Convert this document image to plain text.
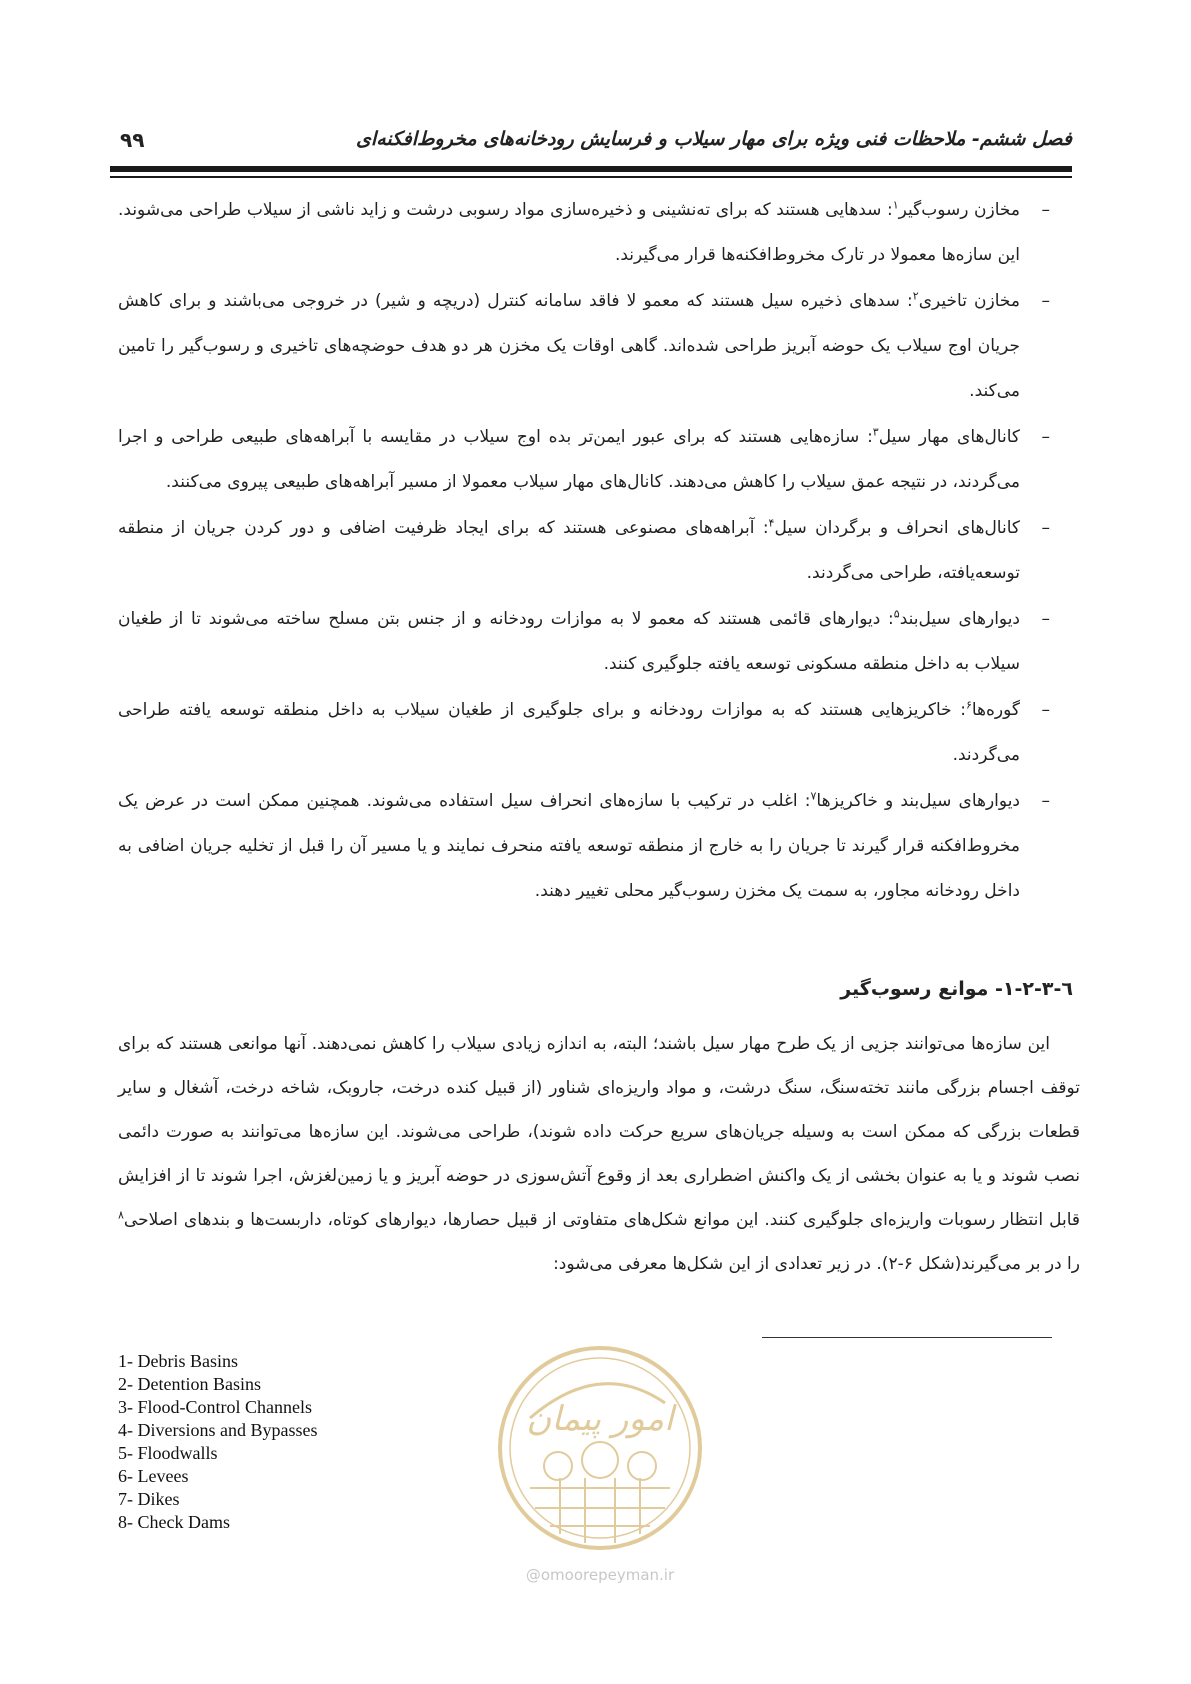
فصل ششم- ملاحظات فنی ویژه برای مهار سیلاب و فرسایش رودخانه‌های مخروط‌افکنه‌ای
۹۹
–
مخازن رسوب‌گیر$^۱$: سدهایی هستند که برای ته‌نشینی و ذخیره‌سازی مواد رسوبی درشت و زاید ناشی از سیلاب طراحی می‌شوند. این سازه‌ها معمولا در تارک مخروط‌افکنه‌ها قرار می‌گیرند.
–
مخازن تاخیری$^۲$: سدهای ذخیره سیل هستند که معمو لا فاقد سامانه کنترل (دریچه و شیر) در خروجی می‌باشند و برای کاهش جریان اوج سیلاب یک حوضه آبریز طراحی شده‌اند. گاهی اوقات یک مخزن هر دو هدف حوضچه‌های تاخیری و رسوب‌گیر را تامین می‌کند.
–
کانال‌های مهار سیل$^۳$: سازه‌هایی هستند که برای عبور ایمن‌تر بده اوج سیلاب در مقایسه با آبراهه‌های طبیعی طراحی و اجرا می‌گردند، در نتیجه عمق سیلاب را کاهش می‌دهند. کانال‌های مهار سیلاب معمولا از مسیر آبراهه‌های طبیعی پیروی می‌کنند.
–
کانال‌های انحراف و برگردان سیل$^۴$: آبراهه‌های مصنوعی هستند که برای ایجاد ظرفیت اضافی و دور کردن جریان از منطقه توسعه‌یافته، طراحی می‌گردند.
–
دیوارهای سیل‌بند$^۵$: دیوارهای قائمی هستند که معمو لا به موازات رودخانه و از جنس بتن مسلح ساخته می‌شوند تا از طغیان سیلاب به داخل منطقه مسکونی توسعه یافته جلوگیری کنند.
–
گوره‌ها$^۶$: خاکریزهایی هستند که به موازات رودخانه و برای جلوگیری از طغیان سیلاب به داخل منطقه توسعه یافته طراحی می‌گردند.
–
دیوارهای سیل‌بند و خاکریزها$^۷$: اغلب در ترکیب با سازه‌های انحراف سیل استفاده می‌شوند. همچنین ممکن است در عرض یک مخروط‌افکنه قرار گیرند تا جریان را به خارج از منطقه توسعه یافته منحرف نمایند و یا مسیر آن را قبل از تخلیه جریان اضافی به داخل رودخانه مجاور، به سمت یک مخزن رسوب‌گیر محلی تغییر دهند.
٦-٣-٢-١- موانع رسوب‌گیر
این سازه‌ها می‌توانند جزیی از یک طرح مهار سیل باشند؛ البته، به اندازه زیادی سیلاب را کاهش نمی‌دهند. آنها موانعی هستند که برای توقف اجسام بزرگی مانند تخته‌سنگ، سنگ درشت، و مواد واریزه‌ای شناور (از قبیل کنده درخت، جاروبک، شاخه درخت، آشغال و سایر قطعات بزرگی که ممکن است به وسیله جریان‌های سریع حرکت داده شوند)، طراحی می‌شوند. این سازه‌ها می‌توانند به صورت دائمی نصب شوند و یا به عنوان بخشی از یک واکنش اضطراری بعد از وقوع آتش‌سوزی در حوضه آبریز و یا زمین‌لغزش، اجرا شوند تا از افزایش قابل انتظار رسوبات واریزه‌ای جلوگیری کنند. این موانع شکل‌های متفاوتی از قبیل حصارها، دیوارهای کوتاه، داربست‌ها و بندهای اصلاحی$^۸$ را در بر می‌گیرند(شکل ۶-۲). در زیر تعدادی از این شکل‌ها معرفی می‌شود:
1- Debris Basins
2- Detention Basins
3- Flood-Control Channels
4- Diversions and Bypasses
5- Floodwalls
6- Levees
7- Dikes
8- Check Dams
امور پیمان
@omoorepeyman.ir
